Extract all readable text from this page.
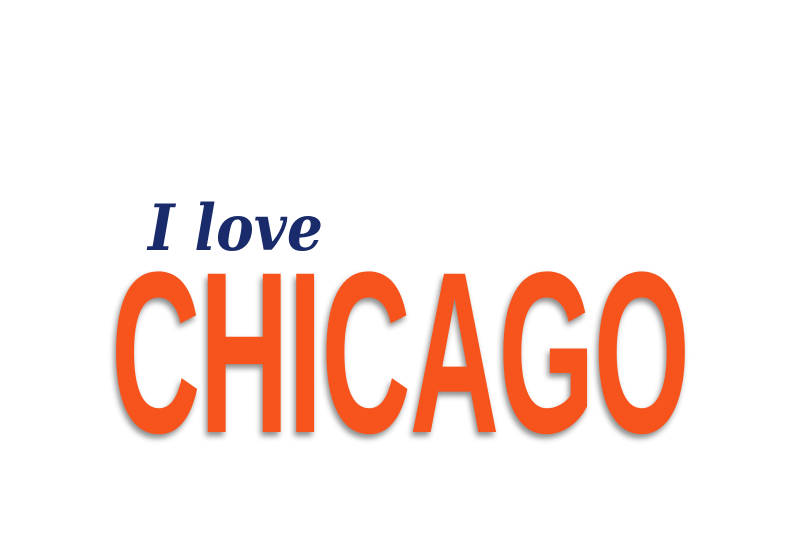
CHICAGO
I love
